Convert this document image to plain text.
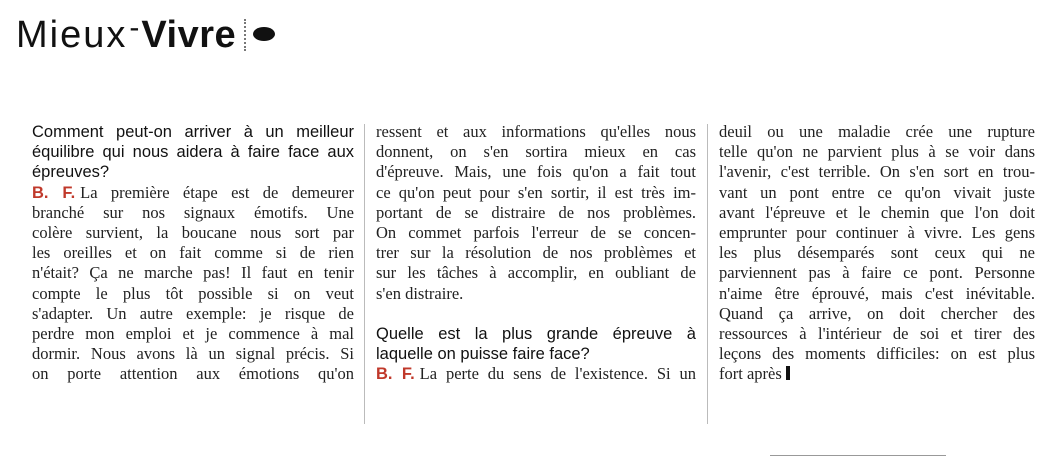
Mieux - Vivre
Comment peut-on arriver à un meilleur
équilibre qui nous aidera à faire face aux
épreuves?
B. F. La première étape est de demeurer
branché sur nos signaux émotifs. Une
colère survient, la boucane nous sort par
les oreilles et on fait comme si de rien
n'était? Ça ne marche pas! Il faut en tenir
compte le plus tôt possible si on veut
s'adapter. Un autre exemple: je risque de
perdre mon emploi et je commence à mal
dormir. Nous avons là un signal précis. Si
on porte attention aux émotions qu'on
ressent et aux informations qu'elles nous
donnent, on s'en sortira mieux en cas
d'épreuve. Mais, une fois qu'on a fait tout
ce qu'on peut pour s'en sortir, il est très im-
portant de se distraire de nos problèmes.
On commet parfois l'erreur de se concen-
trer sur la résolution de nos problèmes et
sur les tâches à accomplir, en oubliant de
s'en distraire.
Quelle est la plus grande épreuve à
laquelle on puisse faire face?
B. F. La perte du sens de l'existence. Si un
deuil ou une maladie crée une rupture
telle qu'on ne parvient plus à se voir dans
l'avenir, c'est terrible. On s'en sort en trou-
vant un pont entre ce qu'on vivait juste
avant l'épreuve et le chemin que l'on doit
emprunter pour continuer à vivre. Les gens
les plus désemparés sont ceux qui ne
parviennent pas à faire ce pont. Personne
n'aime être éprouvé, mais c'est inévitable.
Quand ça arrive, on doit chercher des
ressources à l'intérieur de soi et tirer des
leçons des moments difficiles: on est plus
fort après
